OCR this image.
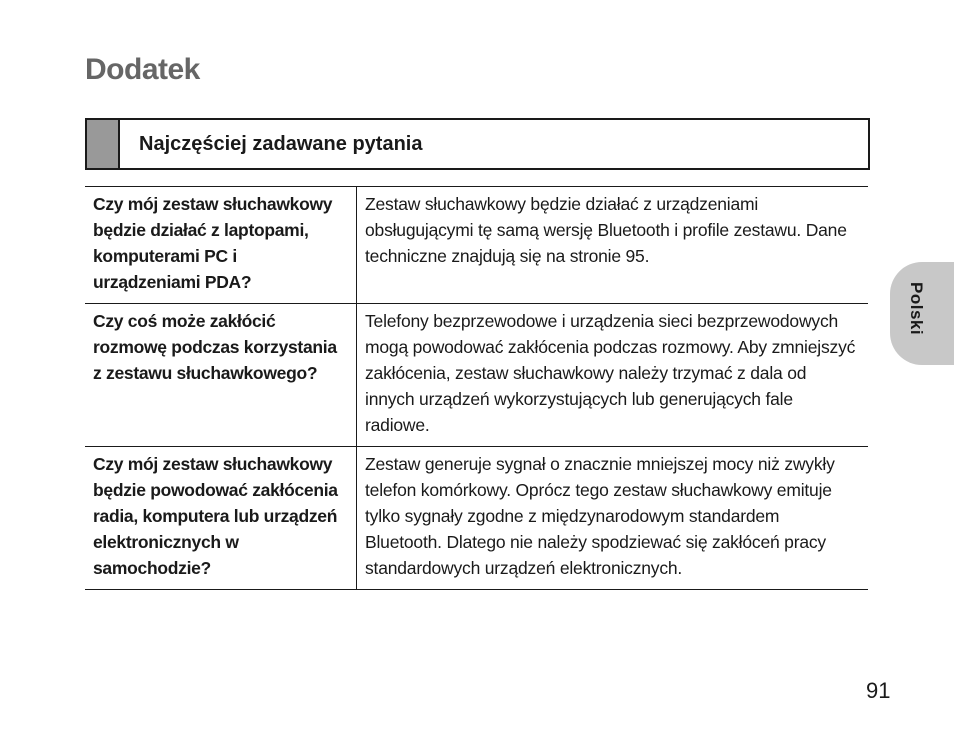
Dodatek
Najczęściej zadawane pytania
Czy mój zestaw słuchawkowy będzie działać z laptopami, komputerami PC i urządzeniami PDA?	Zestaw słuchawkowy będzie działać z urządzeniami obsługującymi tę samą wersję Bluetooth i profile zestawu. Dane techniczne znajdują się na stronie 95.
Czy coś może zakłócić rozmowę podczas korzystania z zestawu słuchawkowego?	Telefony bezprzewodowe i urządzenia sieci bezprzewodowych mogą powodować zakłócenia podczas rozmowy. Aby zmniejszyć zakłócenia, zestaw słuchawkowy należy trzymać z dala od innych urządzeń wykorzystujących lub generujących fale radiowe.
Czy mój zestaw słuchawkowy będzie powodować zakłócenia radia, komputera lub urządzeń elektronicznych w samochodzie?	Zestaw generuje sygnał o znacznie mniejszej mocy niż zwykły telefon komórkowy. Oprócz tego zestaw słuchawkowy emituje tylko sygnały zgodne z międzynarodowym standardem Bluetooth. Dlatego nie należy spodziewać się zakłóceń pracy standardowych urządzeń elektronicznych.
Polski
91
